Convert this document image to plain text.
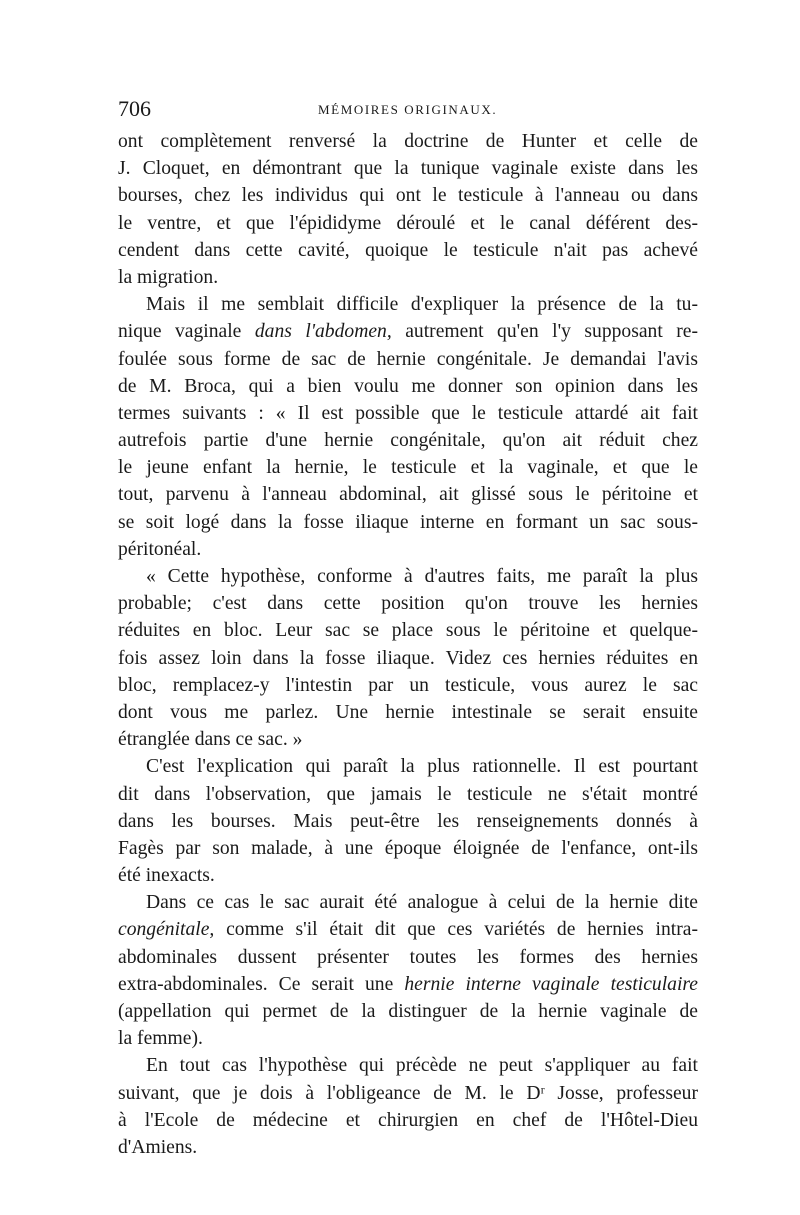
706	MÉMOIRES ORIGINAUX.
ont complètement renversé la doctrine de Hunter et celle de
J. Cloquet, en démontrant que la tunique vaginale existe dans les
bourses, chez les individus qui ont le testicule à l'anneau ou dans
le ventre, et que l'épididyme déroulé et le canal déférent des-
cendent dans cette cavité, quoique le testicule n'ait pas achevé
la migration.
Mais il me semblait difficile d'expliquer la présence de la tu-
nique vaginale dans l'abdomen, autrement qu'en l'y supposant re-
foulée sous forme de sac de hernie congénitale. Je demandai l'avis
de M. Broca, qui a bien voulu me donner son opinion dans les
termes suivants : « Il est possible que le testicule attardé ait fait
autrefois partie d'une hernie congénitale, qu'on ait réduit chez
le jeune enfant la hernie, le testicule et la vaginale, et que le
tout, parvenu à l'anneau abdominal, ait glissé sous le péritoine et
se soit logé dans la fosse iliaque interne en formant un sac sous-
péritonéal.
« Cette hypothèse, conforme à d'autres faits, me paraît la plus
probable; c'est dans cette position qu'on trouve les hernies
réduites en bloc. Leur sac se place sous le péritoine et quelque-
fois assez loin dans la fosse iliaque. Videz ces hernies réduites en
bloc, remplacez-y l'intestin par un testicule, vous aurez le sac
dont vous me parlez. Une hernie intestinale se serait ensuite
étranglée dans ce sac. »
C'est l'explication qui paraît la plus rationnelle. Il est pourtant
dit dans l'observation, que jamais le testicule ne s'était montré
dans les bourses. Mais peut-être les renseignements donnés à
Fagès par son malade, à une époque éloignée de l'enfance, ont-ils
été inexacts.
Dans ce cas le sac aurait été analogue à celui de la hernie dite
congénitale, comme s'il était dit que ces variétés de hernies intra-
abdominales dussent présenter toutes les formes des hernies
extra-abdominales. Ce serait une hernie interne vaginale testiculaire
(appellation qui permet de la distinguer de la hernie vaginale de
la femme).
En tout cas l'hypothèse qui précède ne peut s'appliquer au fait
suivant, que je dois à l'obligeance de M. le Dʳ Josse, professeur
à l'Ecole de médecine et chirurgien en chef de l'Hôtel-Dieu
d'Amiens.
